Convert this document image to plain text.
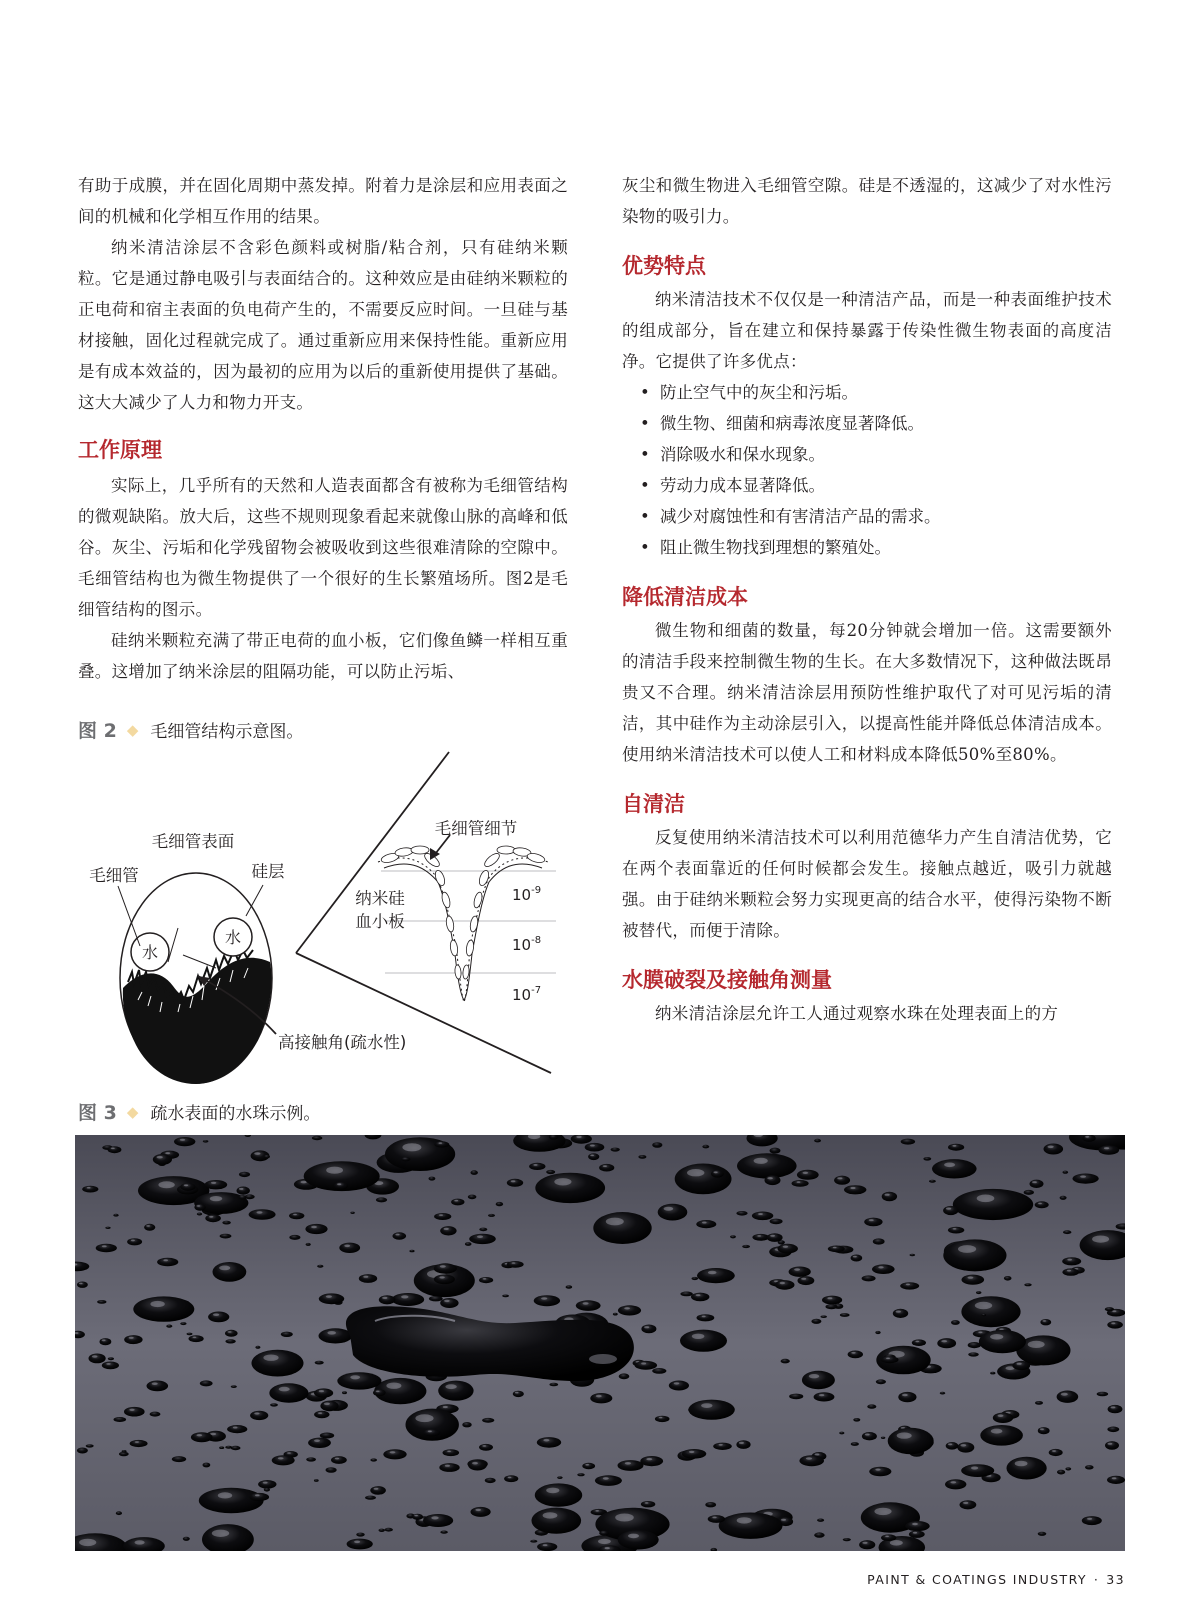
有助于成膜，并在固化周期中蒸发掉。附着力是涂层和应用表面之间的机械和化学相互作用的结果。

纳米清洁涂层不含彩色颜料或树脂/粘合剂，只有硅纳米颗粒。它是通过静电吸引与表面结合的。这种效应是由硅纳米颗粒的正电荷和宿主表面的负电荷产生的，不需要反应时间。一旦硅与基材接触，固化过程就完成了。通过重新应用来保持性能。重新应用是有成本效益的，因为最初的应用为以后的重新使用提供了基础。这大大减少了人力和物力开支。

工作原理

实际上，几乎所有的天然和人造表面都含有被称为毛细管结构的微观缺陷。放大后，这些不规则现象看起来就像山脉的高峰和低谷。灰尘、污垢和化学残留物会被吸收到这些很难清除的空隙中。毛细管结构也为微生物提供了一个很好的生长繁殖场所。图2是毛细管结构的图示。

硅纳米颗粒充满了带正电荷的血小板，它们像鱼鳞一样相互重叠。这增加了纳米涂层的阻隔功能，可以防止污垢、

灰尘和微生物进入毛细管空隙。硅是不透湿的，这减少了对水性污染物的吸引力。

优势特点

纳米清洁技术不仅仅是一种清洁产品，而是一种表面维护技术的组成部分，旨在建立和保持暴露于传染性微生物表面的高度洁净。它提供了许多优点：

• 防止空气中的灰尘和污垢。
• 微生物、细菌和病毒浓度显著降低。
• 消除吸水和保水现象。
• 劳动力成本显著降低。
• 减少对腐蚀性和有害清洁产品的需求。
• 阻止微生物找到理想的繁殖处。
降低清洁成本

微生物和细菌的数量，每20分钟就会增加一倍。这需要额外的清洁手段来控制微生物的生长。在大多数情况下，这种做法既昂贵又不合理。纳米清洁涂层用预防性维护取代了对可见污垢的清洁，其中硅作为主动涂层引入，以提高性能并降低总体清洁成本。使用纳米清洁技术可以使人工和材料成本降低50%至80%。

自清洁

反复使用纳米清洁技术可以利用范德华力产生自清洁优势，它在两个表面靠近的任何时候都会发生。接触点越近，吸引力就越强。由于硅纳米颗粒会努力实现更高的结合水平，使得污染物不断被替代，而便于清除。

水膜破裂及接触角测量

纳米清洁涂层允许工人通过观察水珠在处理表面上的方

图 2 ◆ 毛细管结构示意图。
毛细管表面
毛细管	硅层
水
水
高接触角(疏水性)
毛细管细节
纳米硅
血小板
$10^{-9}$
$10^{-8}$
$10^{-7}$
图 3 ◆ 疏水表面的水珠示例。
PAINT & COATINGS INDUSTRY · 33
